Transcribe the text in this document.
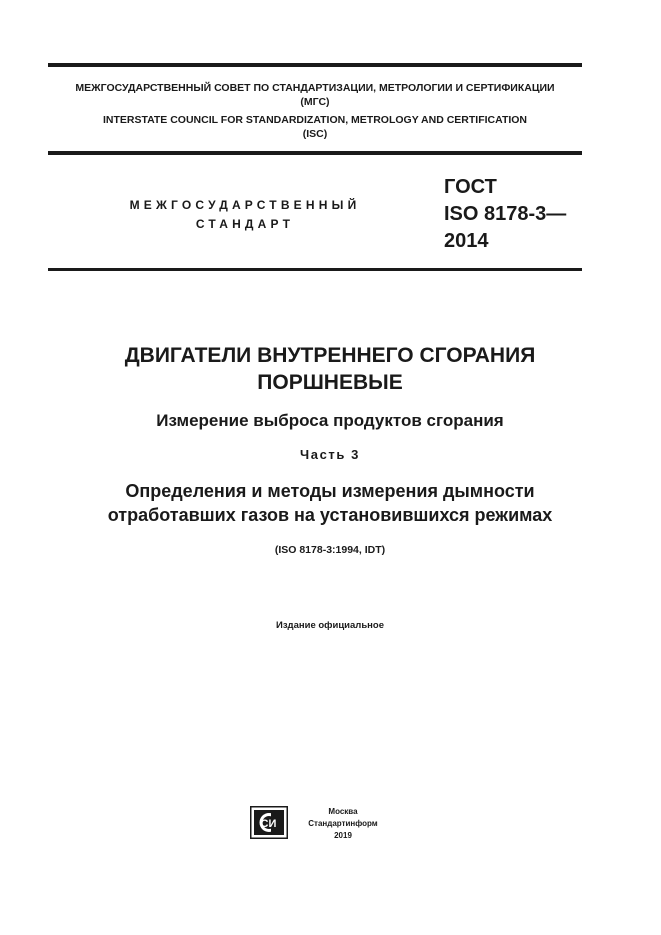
МЕЖГОСУДАРСТВЕННЫЙ СОВЕТ ПО СТАНДАРТИЗАЦИИ, МЕТРОЛОГИИ И СЕРТИФИКАЦИИ
(МГС)
INTERSTATE COUNCIL FOR STANDARDIZATION, METROLOGY AND CERTIFICATION
(ISC)
МЕЖГОСУДАРСТВЕННЫЙ
СТАНДАРТ
ГОСТ
ISO 8178-3—
2014
ДВИГАТЕЛИ ВНУТРЕННЕГО СГОРАНИЯ
ПОРШНЕВЫЕ
Измерение выброса продуктов сгорания
Часть 3
Определения и методы измерения дымности
отработавших газов на установившихся режимах
(ISO 8178-3:1994, IDT)
Издание официальное
СИ
Москва
Стандартинформ
2019
